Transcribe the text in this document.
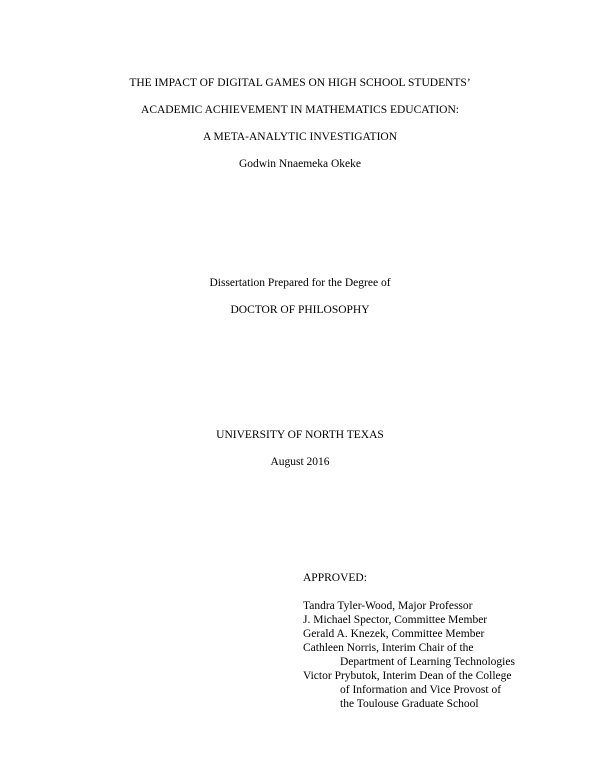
THE IMPACT OF DIGITAL GAMES ON HIGH SCHOOL STUDENTS’
ACADEMIC ACHIEVEMENT IN MATHEMATICS EDUCATION:
A META-ANALYTIC INVESTIGATION
Godwin Nnaemeka Okeke
Dissertation Prepared for the Degree of
DOCTOR OF PHILOSOPHY
UNIVERSITY OF NORTH TEXAS
August 2016
APPROVED:
Tandra Tyler-Wood, Major Professor
J. Michael Spector, Committee Member
Gerald A. Knezek, Committee Member
Cathleen Norris, Interim Chair of the
Department of Learning Technologies
Victor Prybutok, Interim Dean of the College
of Information and Vice Provost of
the Toulouse Graduate School
